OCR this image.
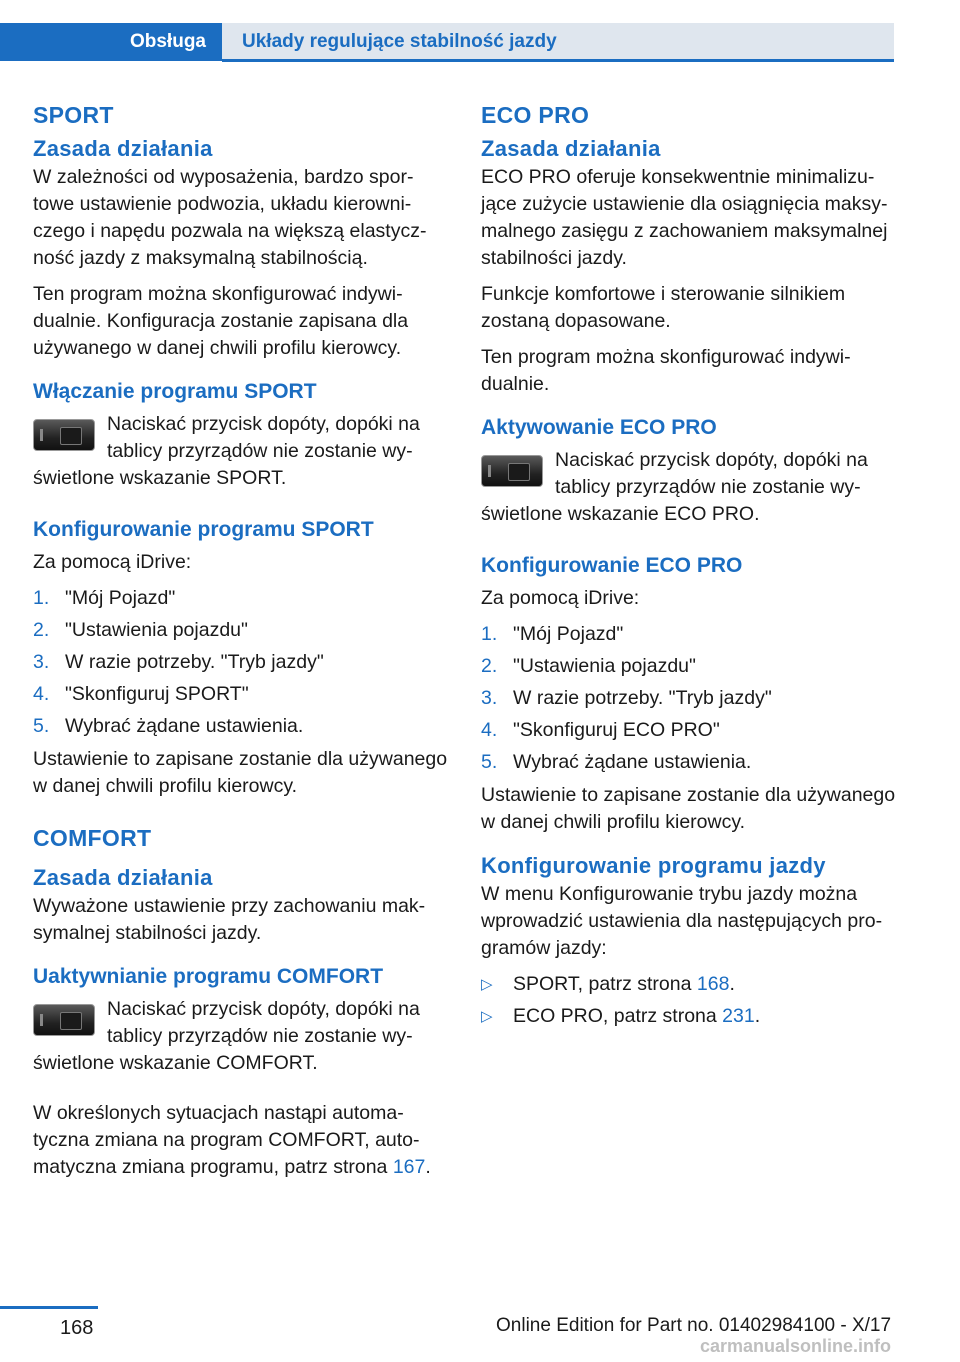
Obsługa Układy regulujące stabilność jazdy
SPORT
Zasada działania

W zależności od wyposażenia, bardzo sportowe ustawienie podwozia, układu kierowniczego i napędu pozwala na większą elastyczność jazdy z maksymalną stabilnością.

Ten program można skonfigurować indywidualnie. Konfiguracja zostanie zapisana dla używanego w danej chwili profilu kierowcy.

Włączanie programu SPORT
Naciskać przycisk dopóty, dopóki na tablicy przyrządów nie zostanie wyświetlone wskazanie SPORT.
Konfigurowanie programu SPORT

Za pomocą iDrive:

1. "Mój Pojazd"
2. "Ustawienia pojazdu"
3. W razie potrzeby. "Tryb jazdy"
4. "Skonfiguruj SPORT"
5. Wybrać żądane ustawienia.

Ustawienie to zapisane zostanie dla używanego w danej chwili profilu kierowcy.

COMFORT
Zasada działania

Wyważone ustawienie przy zachowaniu maksymalnej stabilności jazdy.

Uaktywnianie programu COMFORT
Naciskać przycisk dopóty, dopóki na tablicy przyrządów nie zostanie wyświetlone wskazanie COMFORT.

W określonych sytuacjach nastąpi automatyczna zmiana na program COMFORT, automatyczna zmiana programu, patrz strona 167.

ECO PRO
Zasada działania

ECO PRO oferuje konsekwentnie minimalizujące zużycie ustawienie dla osiągnięcia maksymalnego zasięgu z zachowaniem maksymalnej stabilności jazdy.

Funkcje komfortowe i sterowanie silnikiem zostaną dopasowane.

Ten program można skonfigurować indywidualnie.

Aktywowanie ECO PRO
Naciskać przycisk dopóty, dopóki na tablicy przyrządów nie zostanie wyświetlone wskazanie ECO PRO.
Konfigurowanie ECO PRO

Za pomocą iDrive:

1. "Mój Pojazd"
2. "Ustawienia pojazdu"
3. W razie potrzeby. "Tryb jazdy"
4. "Skonfiguruj ECO PRO"
5. Wybrać żądane ustawienia.

Ustawienie to zapisane zostanie dla używanego w danej chwili profilu kierowcy.

Konfigurowanie programu jazdy

W menu Konfigurowanie trybu jazdy można wprowadzić ustawienia dla następujących programów jazdy:

▷	SPORT, patrz strona 168.
▷	ECO PRO, patrz strona 231.
168	Online Edition for Part no. 01402984100 - X/17
carmanualsonline.info
